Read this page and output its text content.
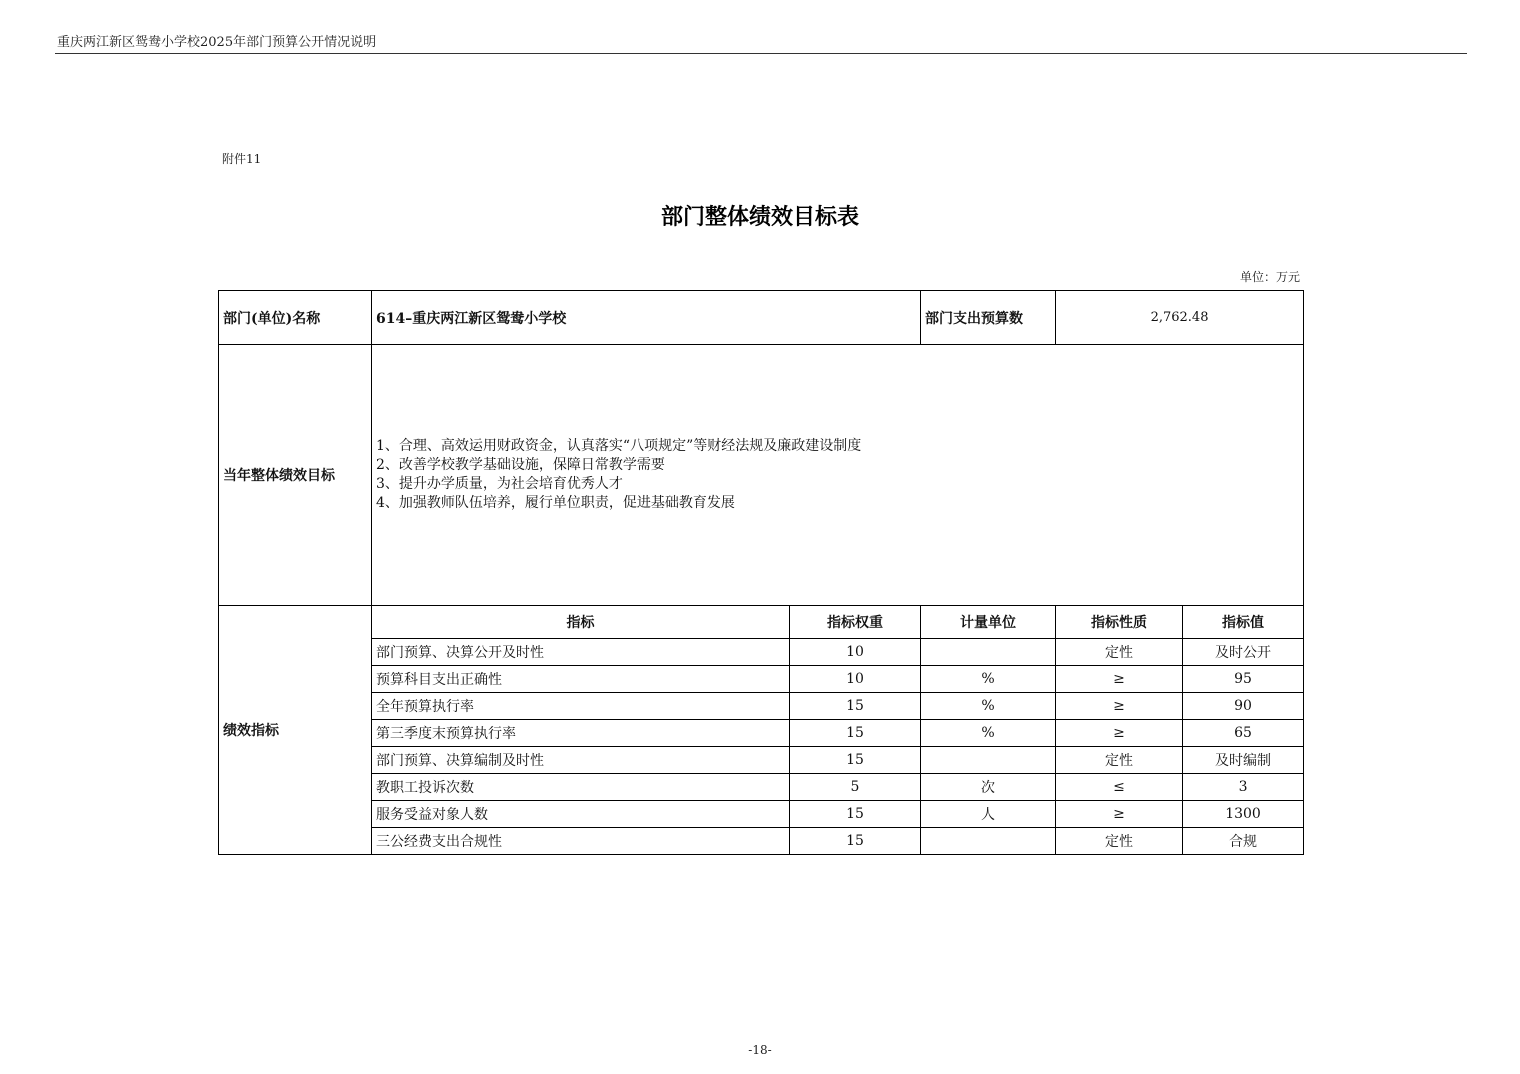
重庆两江新区鸳鸯小学校2025年部门预算公开情况说明
附件11
部门整体绩效目标表
单位：万元
部门(单位)名称	614–重庆两江新区鸳鸯小学校		部门支出预算数	2,762.48	
当年整体绩效目标	1、合理、高效运用财政资金，认真落实“八项规定”等财经法规及廉政建设制度
2、改善学校教学基础设施，保障日常教学需要
3、提升办学质量，为社会培育优秀人才
4、加强教师队伍培养，履行单位职责，促进基础教育发展				

绩效指标	指标	指标权重	计量单位	指标性质	指标值
	部门预算、决算公开及时性	10		定性	及时公开
	预算科目支出正确性	10	%	≥	95
	全年预算执行率	15	%	≥	90
	第三季度末预算执行率	15	%	≥	65
	部门预算、决算编制及时性	15		定性	及时编制
	教职工投诉次数	5	次	≤	3
	服务受益对象人数	15	人	≥	1300
	三公经费支出合规性	15		定性	合规
-18-
